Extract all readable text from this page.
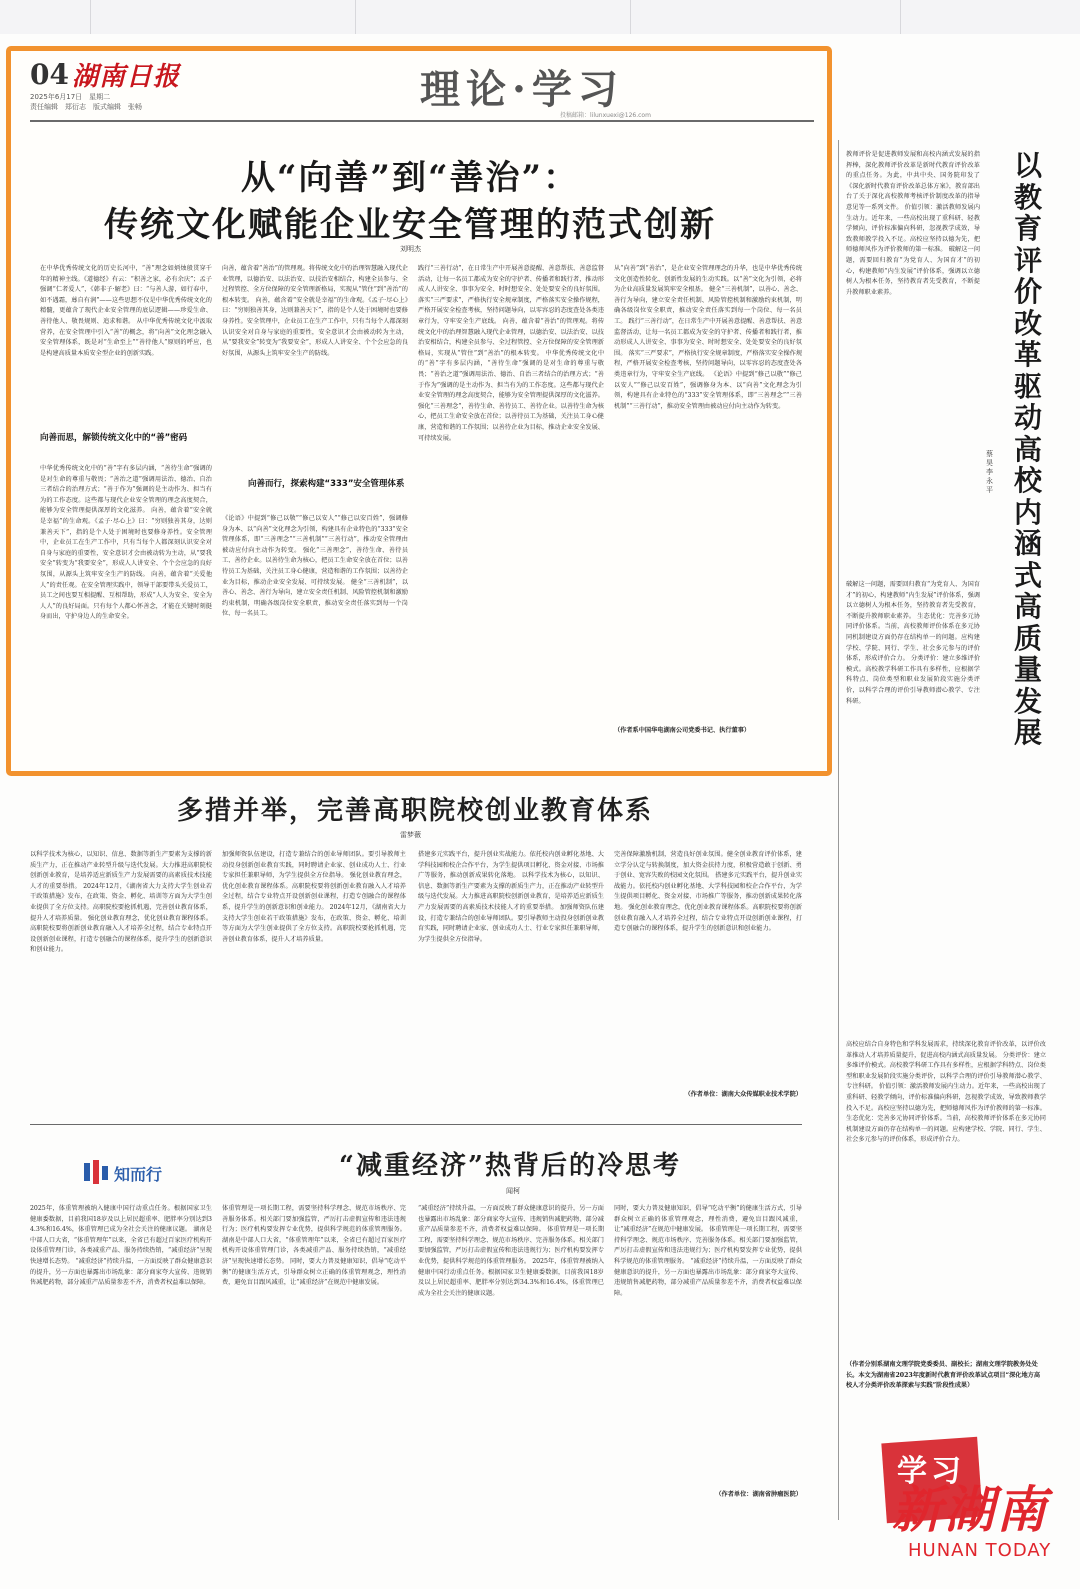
04 湖南日报
2025年6月17日　星期二
责任编辑　郑衍志　版式编辑　张畅	理论·学习
投稿邮箱：lilunxuexi@126.com
从“向善”到“善治”：
传统文化赋能企业安全管理的范式创新
刘明杰
在中华优秀传统文化的历史长河中，“善”理念如炳烛般贯穿千年的精神主线。《道德经》有云：“积善之家，必有余庆”；孟子强调“仁者爱人”，《韩非子·解老》曰：“与善人游，如行春中，如不遇霜，蓐自有润”——这些思想不仅是中华优秀传统文化的精髓，更蕴含了现代企业安全管理的底层逻辑——珍爱生命、善待他人、敬畏规则、追求和谐。 从中华优秀传统文化中汲取营养，在安全管理中引入“善”的概念，将“向善”文化理念融入安全管理体系，既是对“生命至上”“善待他人”原则的呼应，也是构建高质量本质安全型企业的创新实践。
向善而思，解锁传统文化中的“善”密码
中华优秀传统文化中的“善”字有多层内涵，“善待生命”强调的是对生命的尊重与敬畏；“善治之道”强调用法治、德治、自治三者结合的治理方式；“善于作为”强调的是主动作为、担当有为的工作态度。这些都与现代企业安全管理的理念高度契合，能够为安全管理提供深厚的文化滋养。 向善，蕴含着“安全就是幸福”的生命观。《孟子·尽心上》曰：“穷则独善其身，达则兼善天下”，指的是个人处于困境时也要修身养性。安全管理中，企业员工在生产工作中，只有当每个人都深刻认识安全对自身与家庭的重要性，安全意识才会由被动转为主动，从“要我安全”转变为“我要安全”，形成人人讲安全、个个会应急的良好氛围，从源头上筑牢安全生产的防线。 向善，蕴含着“关爱他人”的责任观。在安全管理实践中，领导干部要带头关爱员工，员工之间也要互相提醒、互相帮助，形成“人人为安全、安全为人人”的良好局面。只有每个人都心怀善念，才能在关键时刻挺身而出，守护身边人的生命安全。
向善，蕴含着“善治”的管理观。将传统文化中的治理智慧融入现代企业管理，以德治安、以法治安、以技治安相结合，构建全员参与、全过程管控、全方位保障的安全管理新格局，实现从“管住”到“善治”的根本转变。 向善，蕴含着“安全就是幸福”的生命观。《孟子·尽心上》曰：“穷则独善其身，达则兼善天下”，指的是个人处于困境时也要修身养性。安全管理中，企业员工在生产工作中，只有当每个人都深刻认识安全对自身与家庭的重要性，安全意识才会由被动转为主动，从“要我安全”转变为“我要安全”，形成人人讲安全、个个会应急的良好氛围，从源头上筑牢安全生产的防线。
向善而行，探索构建“333”安全管理体系
《论语》中提到“修己以敬”“修己以安人”“修己以安百姓”，强调修身为本、以“向善”文化理念为引领，构建具有企业特色的“333”安全管理体系，即“三善理念”“三善机制”“三善行动”，推动安全管理由被动应付向主动作为转变。 强化“三善理念”，善待生命、善待员工、善待企业。以善待生命为核心，把员工生命安全放在首位；以善待员工为基础，关注员工身心健康，营造和谐的工作氛围；以善待企业为目标，推动企业安全发展、可持续发展。 健全“三善机制”，以善心、善念、善行为导向，建立安全责任机制、风险管控机制和激励约束机制，明确各级岗位安全职责，推动安全责任落实到每一个岗位、每一名员工。
践行“三善行动”，在日常生产中开展善意提醒、善意帮扶、善意监督活动，让每一名员工都成为安全的守护者、传播者和践行者，推动形成人人讲安全、事事为安全、时时想安全、处处要安全的良好氛围。 落实“三严要求”，严格执行安全规章制度，严格落实安全操作规程，严格开展安全检查考核，坚持问题导向，以零容忍的态度查处各类违章行为，守牢安全生产底线。 向善，蕴含着“善治”的管理观。将传统文化中的治理智慧融入现代企业管理，以德治安、以法治安、以技治安相结合，构建全员参与、全过程管控、全方位保障的安全管理新格局，实现从“管住”到“善治”的根本转变。 中华优秀传统文化中的“善”字有多层内涵，“善待生命”强调的是对生命的尊重与敬畏；“善治之道”强调用法治、德治、自治三者结合的治理方式；“善于作为”强调的是主动作为、担当有为的工作态度。这些都与现代企业安全管理的理念高度契合，能够为安全管理提供深厚的文化滋养。 强化“三善理念”，善待生命、善待员工、善待企业。以善待生命为核心，把员工生命安全放在首位；以善待员工为基础，关注员工身心健康，营造和谐的工作氛围；以善待企业为目标，推动企业安全发展、可持续发展。
从“向善”到“善治”，是企业安全管理理念的升华，也是中华优秀传统文化创造性转化、创新性发展的生动实践。以“善”文化为引领，必将为企业高质量发展筑牢安全根基。 健全“三善机制”，以善心、善念、善行为导向，建立安全责任机制、风险管控机制和激励约束机制，明确各级岗位安全职责，推动安全责任落实到每一个岗位、每一名员工。 践行“三善行动”，在日常生产中开展善意提醒、善意帮扶、善意监督活动，让每一名员工都成为安全的守护者、传播者和践行者，推动形成人人讲安全、事事为安全、时时想安全、处处要安全的良好氛围。 落实“三严要求”，严格执行安全规章制度，严格落实安全操作规程，严格开展安全检查考核，坚持问题导向，以零容忍的态度查处各类违章行为，守牢安全生产底线。 《论语》中提到“修己以敬”“修己以安人”“修己以安百姓”，强调修身为本、以“向善”文化理念为引领，构建具有企业特色的“333”安全管理体系，即“三善理念”“三善机制”“三善行动”，推动安全管理由被动应付向主动作为转变。
（作者系中国华电湖南公司党委书记、执行董事）
多措并举，完善高职院校创业教育体系
雷梦薇
以科学技术为核心，以知识、信息、数据等新生产要素为支撑的新质生产力，正在推动产业转型升级与迭代发展。大力推进高职院校创新创业教育，是培养适应新质生产力发展需要的高素质技术技能人才的重要举措。 2024年12月，《湖南省大力支持大学生创业若干政策措施》发布，在政策、资金、孵化、培训等方面为大学生创业提供了全方位支持。高职院校要抢抓机遇，完善创业教育体系，提升人才培养质量。 强化创业教育理念，优化创业教育课程体系。高职院校要将创新创业教育融入人才培养全过程，结合专业特点开设创新创业课程，打造专创融合的课程体系，提升学生的创新意识和创业能力。
加强师资队伍建设，打造专兼结合的创业导师团队。要引导教师主动投身创新创业教育实践，同时聘请企业家、创业成功人士、行业专家担任兼职导师，为学生提供全方位指导。 强化创业教育理念，优化创业教育课程体系。高职院校要将创新创业教育融入人才培养全过程，结合专业特点开设创新创业课程，打造专创融合的课程体系，提升学生的创新意识和创业能力。 2024年12月，《湖南省大力支持大学生创业若干政策措施》发布，在政策、资金、孵化、培训等方面为大学生创业提供了全方位支持。高职院校要抢抓机遇，完善创业教育体系，提升人才培养质量。
搭建多元实践平台，提升创业实战能力。依托校内创业孵化基地、大学科技园和校企合作平台，为学生提供项目孵化、资金对接、市场推广等服务，推动创新成果转化落地。 以科学技术为核心，以知识、信息、数据等新生产要素为支撑的新质生产力，正在推动产业转型升级与迭代发展。大力推进高职院校创新创业教育，是培养适应新质生产力发展需要的高素质技术技能人才的重要举措。 加强师资队伍建设，打造专兼结合的创业导师团队。要引导教师主动投身创新创业教育实践，同时聘请企业家、创业成功人士、行业专家担任兼职导师，为学生提供全方位指导。
完善保障激励机制，营造良好创业氛围。健全创业教育评价体系，建立学分认定与转换制度，加大资金扶持力度，积极营造敢于创新、勇于创业、宽容失败的校园文化氛围。 搭建多元实践平台，提升创业实战能力。依托校内创业孵化基地、大学科技园和校企合作平台，为学生提供项目孵化、资金对接、市场推广等服务，推动创新成果转化落地。 强化创业教育理念，优化创业教育课程体系。高职院校要将创新创业教育融入人才培养全过程，结合专业特点开设创新创业课程，打造专创融合的课程体系，提升学生的创新意识和创业能力。
（作者单位：湖南大众传媒职业技术学院）
知而行	“减重经济”热背后的冷思考
闻柯
2025年，体重管理被纳入健康中国行动重点任务。根据国家卫生健康委数据，目前我国18岁及以上居民超重率、肥胖率分别达到34.3%和16.4%，体重管理已成为全社会关注的健康议题。 湖南是中部人口大省，“体重管理年”以来，全省已有超过百家医疗机构开设体重管理门诊，各类减重产品、服务持续热销，“减重经济”呈现快速增长态势。 “减重经济”持续升温，一方面反映了群众健康意识的提升，另一方面也暴露出市场乱象：部分商家夸大宣传、违规销售减肥药物，部分减重产品质量参差不齐，消费者权益难以保障。
体重管理是一项长期工程，需要坚持科学理念、规范市场秩序、完善服务体系。相关部门要加强监管，严厉打击虚假宣传和违法违规行为；医疗机构要发挥专业优势，提供科学规范的体重管理服务。 湖南是中部人口大省，“体重管理年”以来，全省已有超过百家医疗机构开设体重管理门诊，各类减重产品、服务持续热销，“减重经济”呈现快速增长态势。 同时，要大力普及健康知识，倡导“吃动平衡”的健康生活方式，引导群众树立正确的体重管理观念，理性消费，避免盲目跟风减重，让“减重经济”在规范中健康发展。
“减重经济”持续升温，一方面反映了群众健康意识的提升，另一方面也暴露出市场乱象：部分商家夸大宣传、违规销售减肥药物，部分减重产品质量参差不齐，消费者权益难以保障。 体重管理是一项长期工程，需要坚持科学理念、规范市场秩序、完善服务体系。相关部门要加强监管，严厉打击虚假宣传和违法违规行为；医疗机构要发挥专业优势，提供科学规范的体重管理服务。 2025年，体重管理被纳入健康中国行动重点任务。根据国家卫生健康委数据，目前我国18岁及以上居民超重率、肥胖率分别达到34.3%和16.4%，体重管理已成为全社会关注的健康议题。
同时，要大力普及健康知识，倡导“吃动平衡”的健康生活方式，引导群众树立正确的体重管理观念，理性消费，避免盲目跟风减重，让“减重经济”在规范中健康发展。 体重管理是一项长期工程，需要坚持科学理念、规范市场秩序、完善服务体系。相关部门要加强监管，严厉打击虚假宣传和违法违规行为；医疗机构要发挥专业优势，提供科学规范的体重管理服务。 “减重经济”持续升温，一方面反映了群众健康意识的提升，另一方面也暴露出市场乱象：部分商家夸大宣传、违规销售减肥药物，部分减重产品质量参差不齐，消费者权益难以保障。
（作者单位：湖南省肿瘤医院）
以教育评价改革驱动高校内涵式高质量发展
蔡昊　李永平
教师评价是促进教师发展和高校内涵式发展的指挥棒，深化教师评价改革是新时代教育评价改革的重点任务。为此，中共中央、国务院印发了《深化新时代教育评价改革总体方案》，教育部出台了关于深化高校教师考核评价制度改革的指导意见等一系列文件。 价值引领：激活教师发展内生动力。近年来，一些高校出现了重科研、轻教学倾向，评价标准偏向科研，忽视教学成效，导致教师教学投入不足。高校应坚持以德为先，把师德师风作为评价教师的第一标准。 破解这一问题，需要回归教育“为党育人、为国育才”的初心，构建教师“内生发展”评价体系，强调以立德树人为根本任务，坚持教育者先受教育，不断提升教师职业素养。
破解这一问题，需要回归教育“为党育人、为国育才”的初心，构建教师“内生发展”评价体系，强调以立德树人为根本任务，坚持教育者先受教育，不断提升教师职业素养。 生态优化：完善多元协同评价体系。当前，高校教师评价体系在多元协同机制建设方面仍存在结构单一的问题。应构建学校、学院、同行、学生、社会多元参与的评价体系，形成评价合力。 分类评价：建立多维评价模式。高校教学科研工作具有多样性，应根据学科特点、岗位类型和职业发展阶段实施分类评价，以科学合理的评价引导教师潜心教学、专注科研。
高校应结合自身特色和学科发展需求，持续深化教育评价改革，以评价改革推动人才培养质量提升，促进高校内涵式高质量发展。 分类评价：建立多维评价模式。高校教学科研工作具有多样性，应根据学科特点、岗位类型和职业发展阶段实施分类评价，以科学合理的评价引导教师潜心教学、专注科研。 价值引领：激活教师发展内生动力。近年来，一些高校出现了重科研、轻教学倾向，评价标准偏向科研，忽视教学成效，导致教师教学投入不足。高校应坚持以德为先，把师德师风作为评价教师的第一标准。 生态优化：完善多元协同评价体系。当前，高校教师评价体系在多元协同机制建设方面仍存在结构单一的问题。应构建学校、学院、同行、学生、社会多元参与的评价体系，形成评价合力。
（作者分别系湖南文理学院党委委员、副校长；湖南文理学院教务处处长。本文为湖南省2023年度新时代教育评价改革试点项目“深化地方高校人才分类评价改革探索与实践”阶段性成果）
学习
新湖南
HUNAN TODAY
